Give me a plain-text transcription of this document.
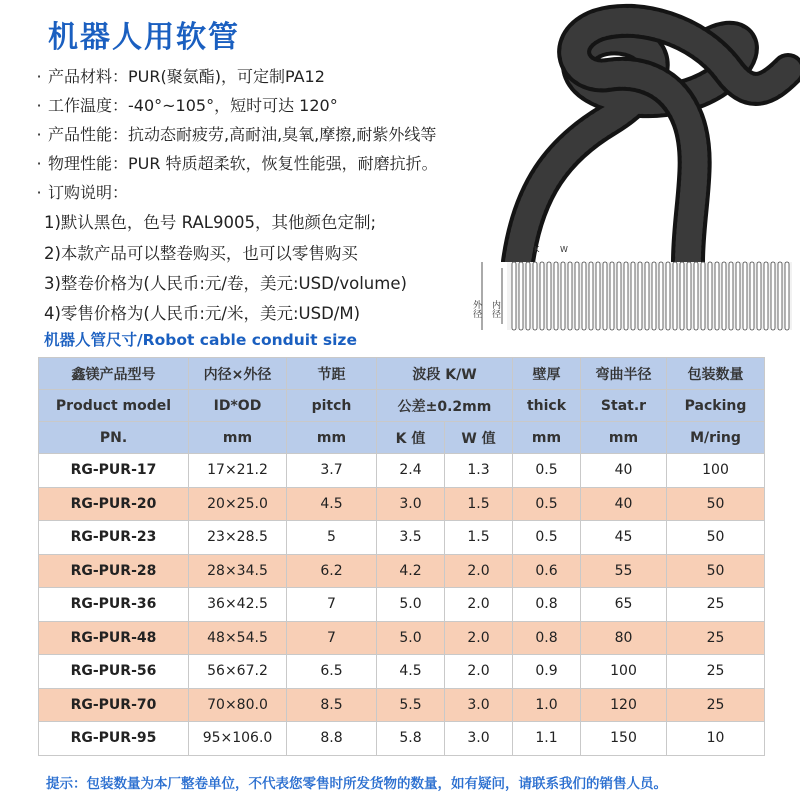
机器人用软管
· 产品材料：PUR(聚氨酯)，可定制PA12
· 工作温度：-40°~105°，短时可达 120°
· 产品性能：抗动态耐疲劳,高耐油,臭氧,摩擦,耐紫外线等
· 物理性能：PUR 特质超柔软，恢复性能强，耐磨抗折。
· 订购说明：
1)默认黑色，色号 RAL9005，其他颜色定制;
2)本款产品可以整卷购买，也可以零售购买
3)整卷价格为(人民币:元/卷，美元:USD/volume)
4)零售价格为(人民币:元/米，美元:USD/M)	外径 内径
K	W
机器人管尺寸/Robot cable conduit size
鑫镁产品型号	内径×外径	节距	波段 K/W		壁厚	弯曲半径	包装数量
Product model	ID*OD	pitch	公差±0.2mm		thick	Stat.r	Packing
PN.	mm	mm	K 值	W 值	mm	mm	M/ring
RG-PUR-17	17×21.2	3.7	2.4	1.3	0.5	40	100
RG-PUR-20	20×25.0	4.5	3.0	1.5	0.5	40	50
RG-PUR-23	23×28.5	5	3.5	1.5	0.5	45	50
RG-PUR-28	28×34.5	6.2	4.2	2.0	0.6	55	50
RG-PUR-36	36×42.5	7	5.0	2.0	0.8	65	25
RG-PUR-48	48×54.5	7	5.0	2.0	0.8	80	25
RG-PUR-56	56×67.2	6.5	4.5	2.0	0.9	100	25
RG-PUR-70	70×80.0	8.5	5.5	3.0	1.0	120	25
RG-PUR-95	95×106.0	8.8	5.8	3.0	1.1	150	10
提示：包装数量为本厂整卷单位，不代表您零售时所发货物的数量，如有疑问，请联系我们的销售人员。
